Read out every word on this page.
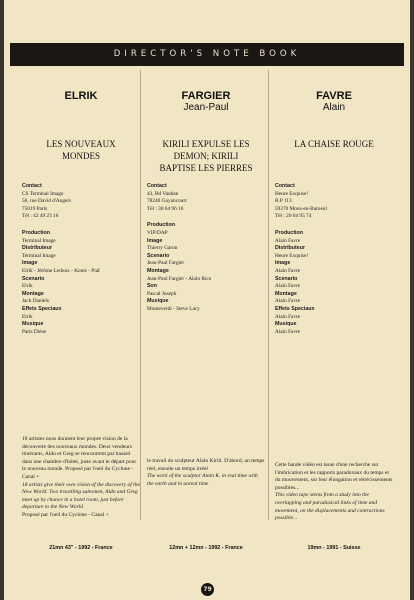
DIRECTOR'S NOTE BOOK
ELRIK
LES NOUVEAUX
MONDES
Contact
CS Terminal Image
56, rue David d'Angers
75019 Paris
Tél : 42 49 23 16
Production
Terminal Image
Distributeur
Terminal Image
Image
Elrik - Jérôme Ledoux - Kouts - Piaf
Scenario
Elrik
Montage
Jack Daniels
Effets Speciaux
Elrik
Musique
Paris Dièse
18 artistes nous donnent leur propre vision de la découverte des nouveaux mondes. Deux vendeurs itinérants, Aldo et Greg se rencontrent par hasard dans une chambre d'hôtel, juste avant le départ pour le nouveau monde. Proposé par l'oeil du Cyclone - Canal +
18 artists give their own vision of the discovery of the New World. Two travelling salesmen, Aldo and Greg meet up by chance in a hotel room, just before departure to the New World
Proposé par l'oeil du Cyclone - Canal +
21mn 43" - 1992 - France
FARGIER
Jean-Paul
KIRILI EXPULSE LES
DEMON; KIRILI
BAPTISE LES PIERRES
Contact
43, Bd Vauban
78240 Guyancourt
Tél : 30 64 96 16
Production
VIP/DAP
Image
Thierry Garon
Scenario
Jean-Paul Fargier
Montage
Jean-Paul Fargier - Alain Rico
Son
Pascal Joseph
Musique
Monteverdi - Steve Lacy
le travail du sculpteur Alain Kirili. D'abord, un temps réel, ensuite un temps irréel
The work of the sculptor Alain K. in real time with the earth and in unreal time
12mn + 12mn - 1992 - France
FAVRE
Alain
LA CHAISE ROUGE
Contact
Heure Exquise!
B.P 113
59370 Mons-en-Baroeul
Tél : 20 04 95 74
Production
Alain Favre
Distributeur
Heure Exquise!
Image
Alain Favre
Scenario
Alain Favre
Montage
Alain Favre
Effets Speciaux
Alain Favre
Musique
Alain Favre
Cette bande vidéo est issue d'une recherche sur l'imbrication et les rapports paradoxaux du temps et du mouvement, sur leur élongation et rétrécissements possibles...
This video tape stems from a study into the overlapping and paradoxical links of time and movement, on the displacements and contractions possible...
19mn - 1991 - Suisse
79
